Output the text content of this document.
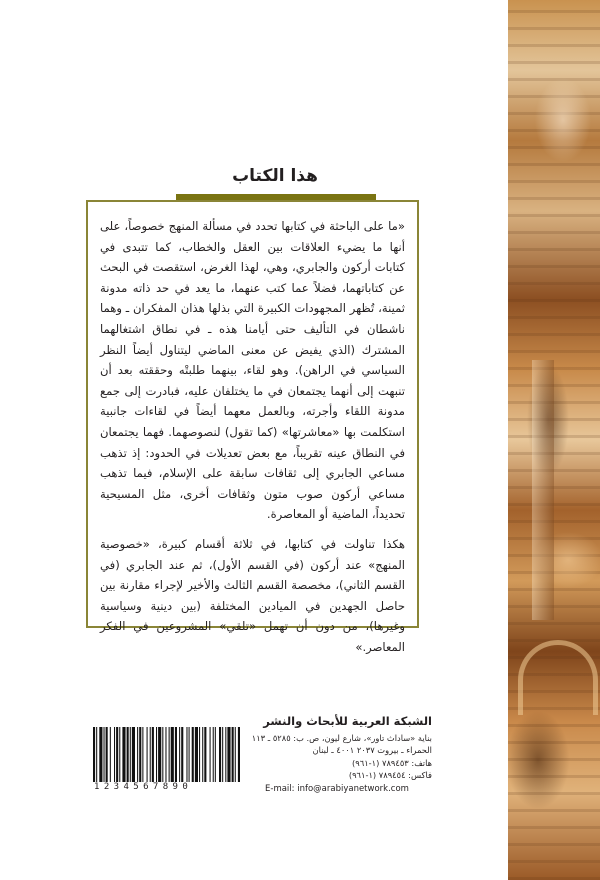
هذا الكتاب

«ما على الباحثة في كتابها تحدد في مسألة المنهج خصوصاً، على أنها ما يضيء العلاقات بين العقل والخطاب، كما تتبدى في كتابات أركون والجابري، وهي، لهذا الغرض، استقصت في البحث عن كتاباتهما، فضلاً عما كتب عنهما، ما يعد في حد ذاته مدونة ثمينة، تُظهر المجهودات الكبيرة التي بذلها هذان المفكران ـ وهما ناشطان في التأليف حتى أيامنا هذه ـ في نطاق اشتغالهما المشترك (الذي يفيض عن معنى الماضي ليتناول أيضاً النظر السياسي في الراهن). وهو لقاء، بينهما طلبتْه وحققته بعد أن تنبهت إلى أنهما يجتمعان في ما يختلفان عليه، فبادرت إلى جمع مدونة اللقاء وأجرته، وبالعمل معهما أيضاً في لقاءات جانبية استكلمت بها «معاشرتها» (كما تقول) لنصوصهما. فهما يجتمعان في النطاق عينه تقريباً، مع بعض تعديلات في الحدود: إذ تذهب مساعي الجابري إلى ثقافات سابقة على الإسلام، فيما تذهب مساعي أركون صوب متون وثقافات أخرى، مثل المسيحية تحديداً، الماضية أو المعاصرة.

هكذا تناولت في كتابها، في ثلاثة أقسام كبيرة، «خصوصية المنهج» عند أركون (في القسم الأول)، ثم عند الجابري (في القسم الثاني)، مخصصة القسم الثالث والأخير لإجراء مقارنة بين حاصل الجهدين في الميادين المختلفة (بين دينية وسياسية وغيرها)، من دون أن تهمل «تلقي» المشروعين في الفكر المعاصر.»

الشبكة العربية للأبحاث والنشر
بناية «ساداث تاور»، شارع ليون، ص. ب: ٥٢٨٥ ـ ١١٣
الحمراء ـ بيروت ٢٠٣٧ ٤٠٠١ ـ لبنان
هاتف: ٧٨٩٤٥٣ (١-٩٦١)
فاكس: ٧٨٩٤٥٤ (١-٩٦١)
E-mail: info@arabiyanetwork.com
1234567890
